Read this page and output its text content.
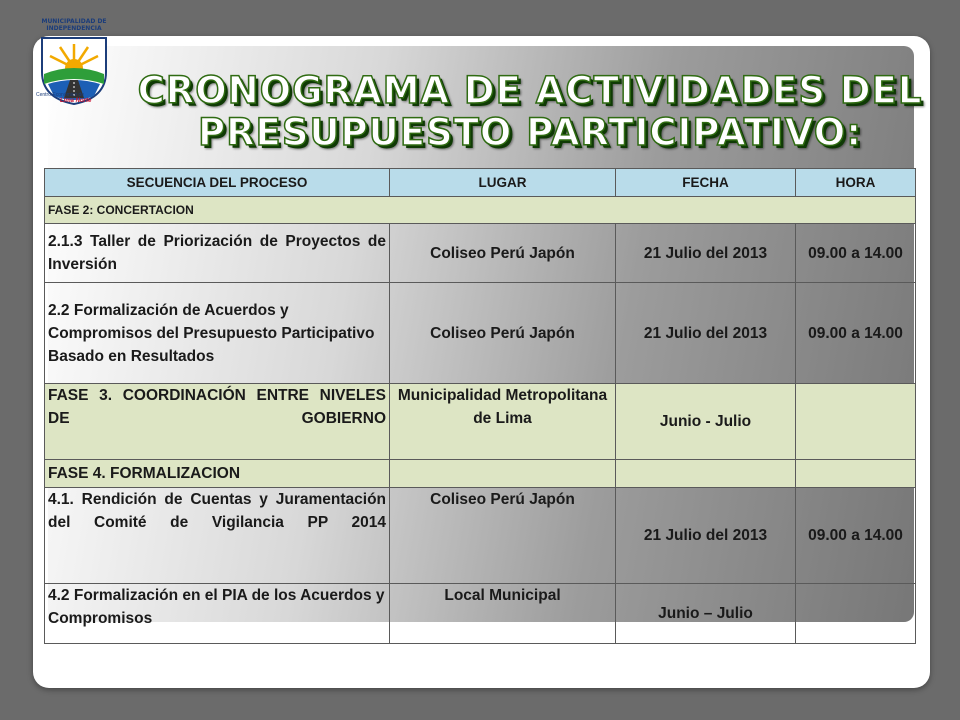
MUNICIPALIDAD DE INDEPENDENCIA
Centro Económico de
Lima Norte	CRONOGRAMA DE ACTIVIDADES DEL
PRESUPUESTO PARTICIPATIVO:
SECUENCIA DEL PROCESO	LUGAR	FECHA	HORA
FASE 2: CONCERTACION			
2.1.3 Taller de Priorización de Proyectos de Inversión	Coliseo Perú Japón	21 Julio del 2013	09.00 a 14.00
2.2 Formalización de Acuerdos y Compromisos del Presupuesto Participativo Basado en Resultados	Coliseo Perú Japón	21 Julio del 2013	09.00 a 14.00
FASE 3. COORDINACIÓN ENTRE NIVELES DE GOBIERNO	Municipalidad Metropolitana de Lima	Junio - Julio	
FASE 4. FORMALIZACION			
4.1. Rendición de Cuentas y Juramentación del Comité de Vigilancia PP 2014	Coliseo Perú Japón	21 Julio del 2013	09.00 a 14.00
4.2 Formalización en el PIA de los Acuerdos y Compromisos	Local Municipal	Junio – Julio	
